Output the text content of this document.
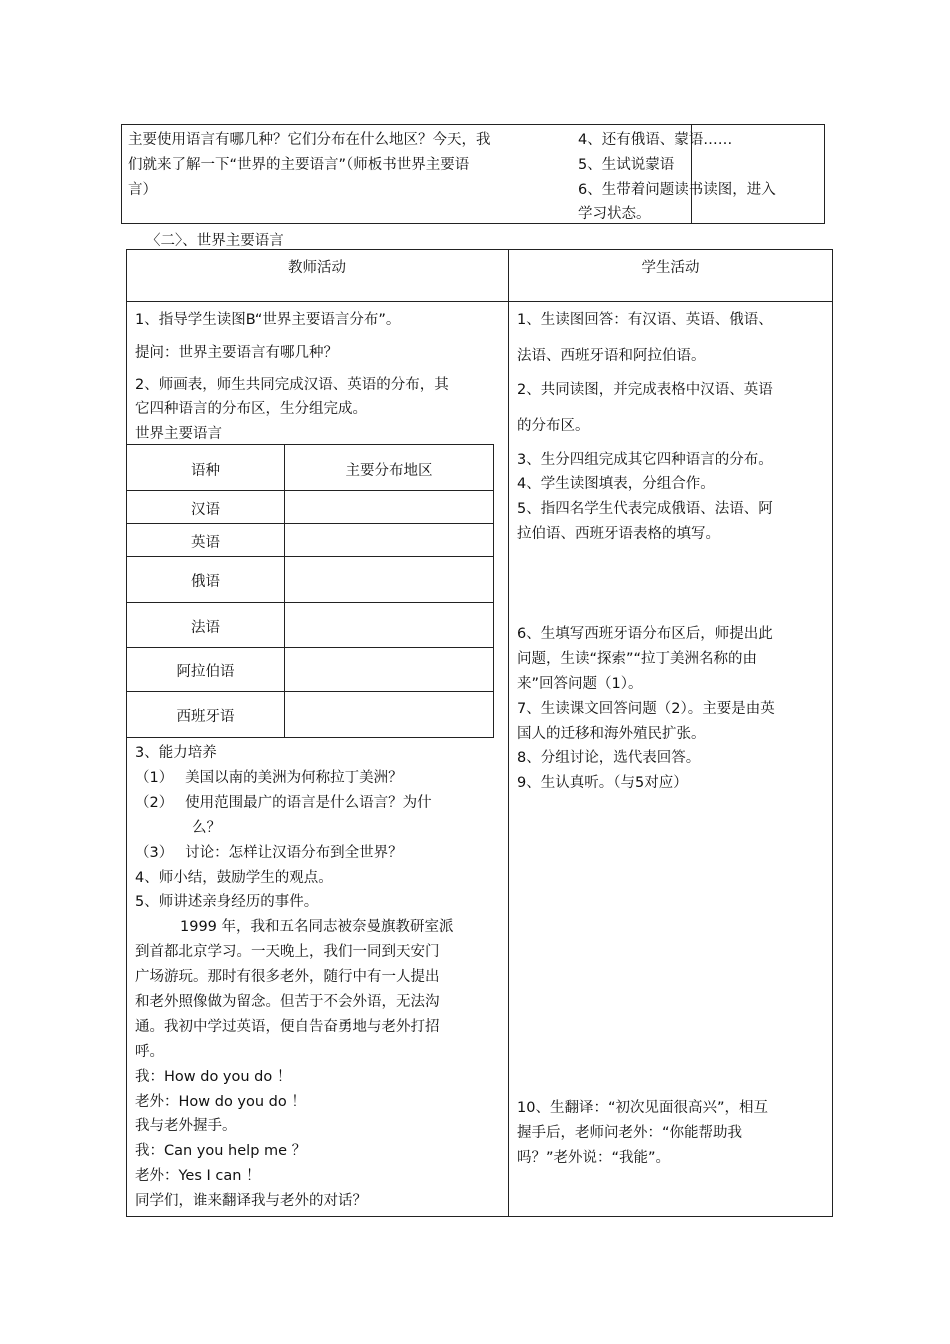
主要使用语言有哪几种？它们分布在什么地区？今天，我
们就来了解一下“世界的主要语言”（师板书世界主要语
言）
4、还有俄语、蒙语……
5、生试说蒙语
6、生带着问题读书读图，进入
学习状态。
〈二〉、世界主要语言
教师活动	学生活动
1、指导学生读图B“世界主要语言分布”。
提问：世界主要语言有哪几种？
2、师画表，师生共同完成汉语、英语的分布，其
它四种语言的分布区，生分组完成。
世界主要语言
语种	主要分布地区
汉语
英语
俄语
法语
阿拉伯语
西班牙语
3、能力培养
（1）　 美国以南的美洲为何称拉丁美洲？
（2）　 使用范围最广的语言是什么语言？为什
么？
（3）　 讨论：怎样让汉语分布到全世界？
4、师小结，鼓励学生的观点。
5、师讲述亲身经历的事件。
1999 年，我和五名同志被奈曼旗教研室派
到首都北京学习。一天晚上，我们一同到天安门
广场游玩。那时有很多老外，随行中有一人提出
和老外照像做为留念。但苦于不会外语，无法沟
通。我初中学过英语，便自告奋勇地与老外打招
呼。
我：How do you do ！
老外：How do you do ！
我与老外握手。
我：Can you help me ？
老外：Yes I can ！
同学们，谁来翻译我与老外的对话？
1、生读图回答：有汉语、英语、俄语、
法语、西班牙语和阿拉伯语。
2、共同读图，并完成表格中汉语、英语
的分布区。
3、生分四组完成其它四种语言的分布。
4、学生读图填表，分组合作。
5、指四名学生代表完成俄语、法语、阿
拉伯语、西班牙语表格的填写。
6、生填写西班牙语分布区后，师提出此
问题，生读“探索”“拉丁美洲名称的由
来”回答问题（1）。
7、生读课文回答问题（2）。主要是由英
国人的迁移和海外殖民扩张。
8、分组讨论，选代表回答。
9、生认真听。（与5对应）
10、生翻译：“初次见面很高兴”，相互
握手后，老师问老外：“你能帮助我
吗？”老外说：“我能”。
